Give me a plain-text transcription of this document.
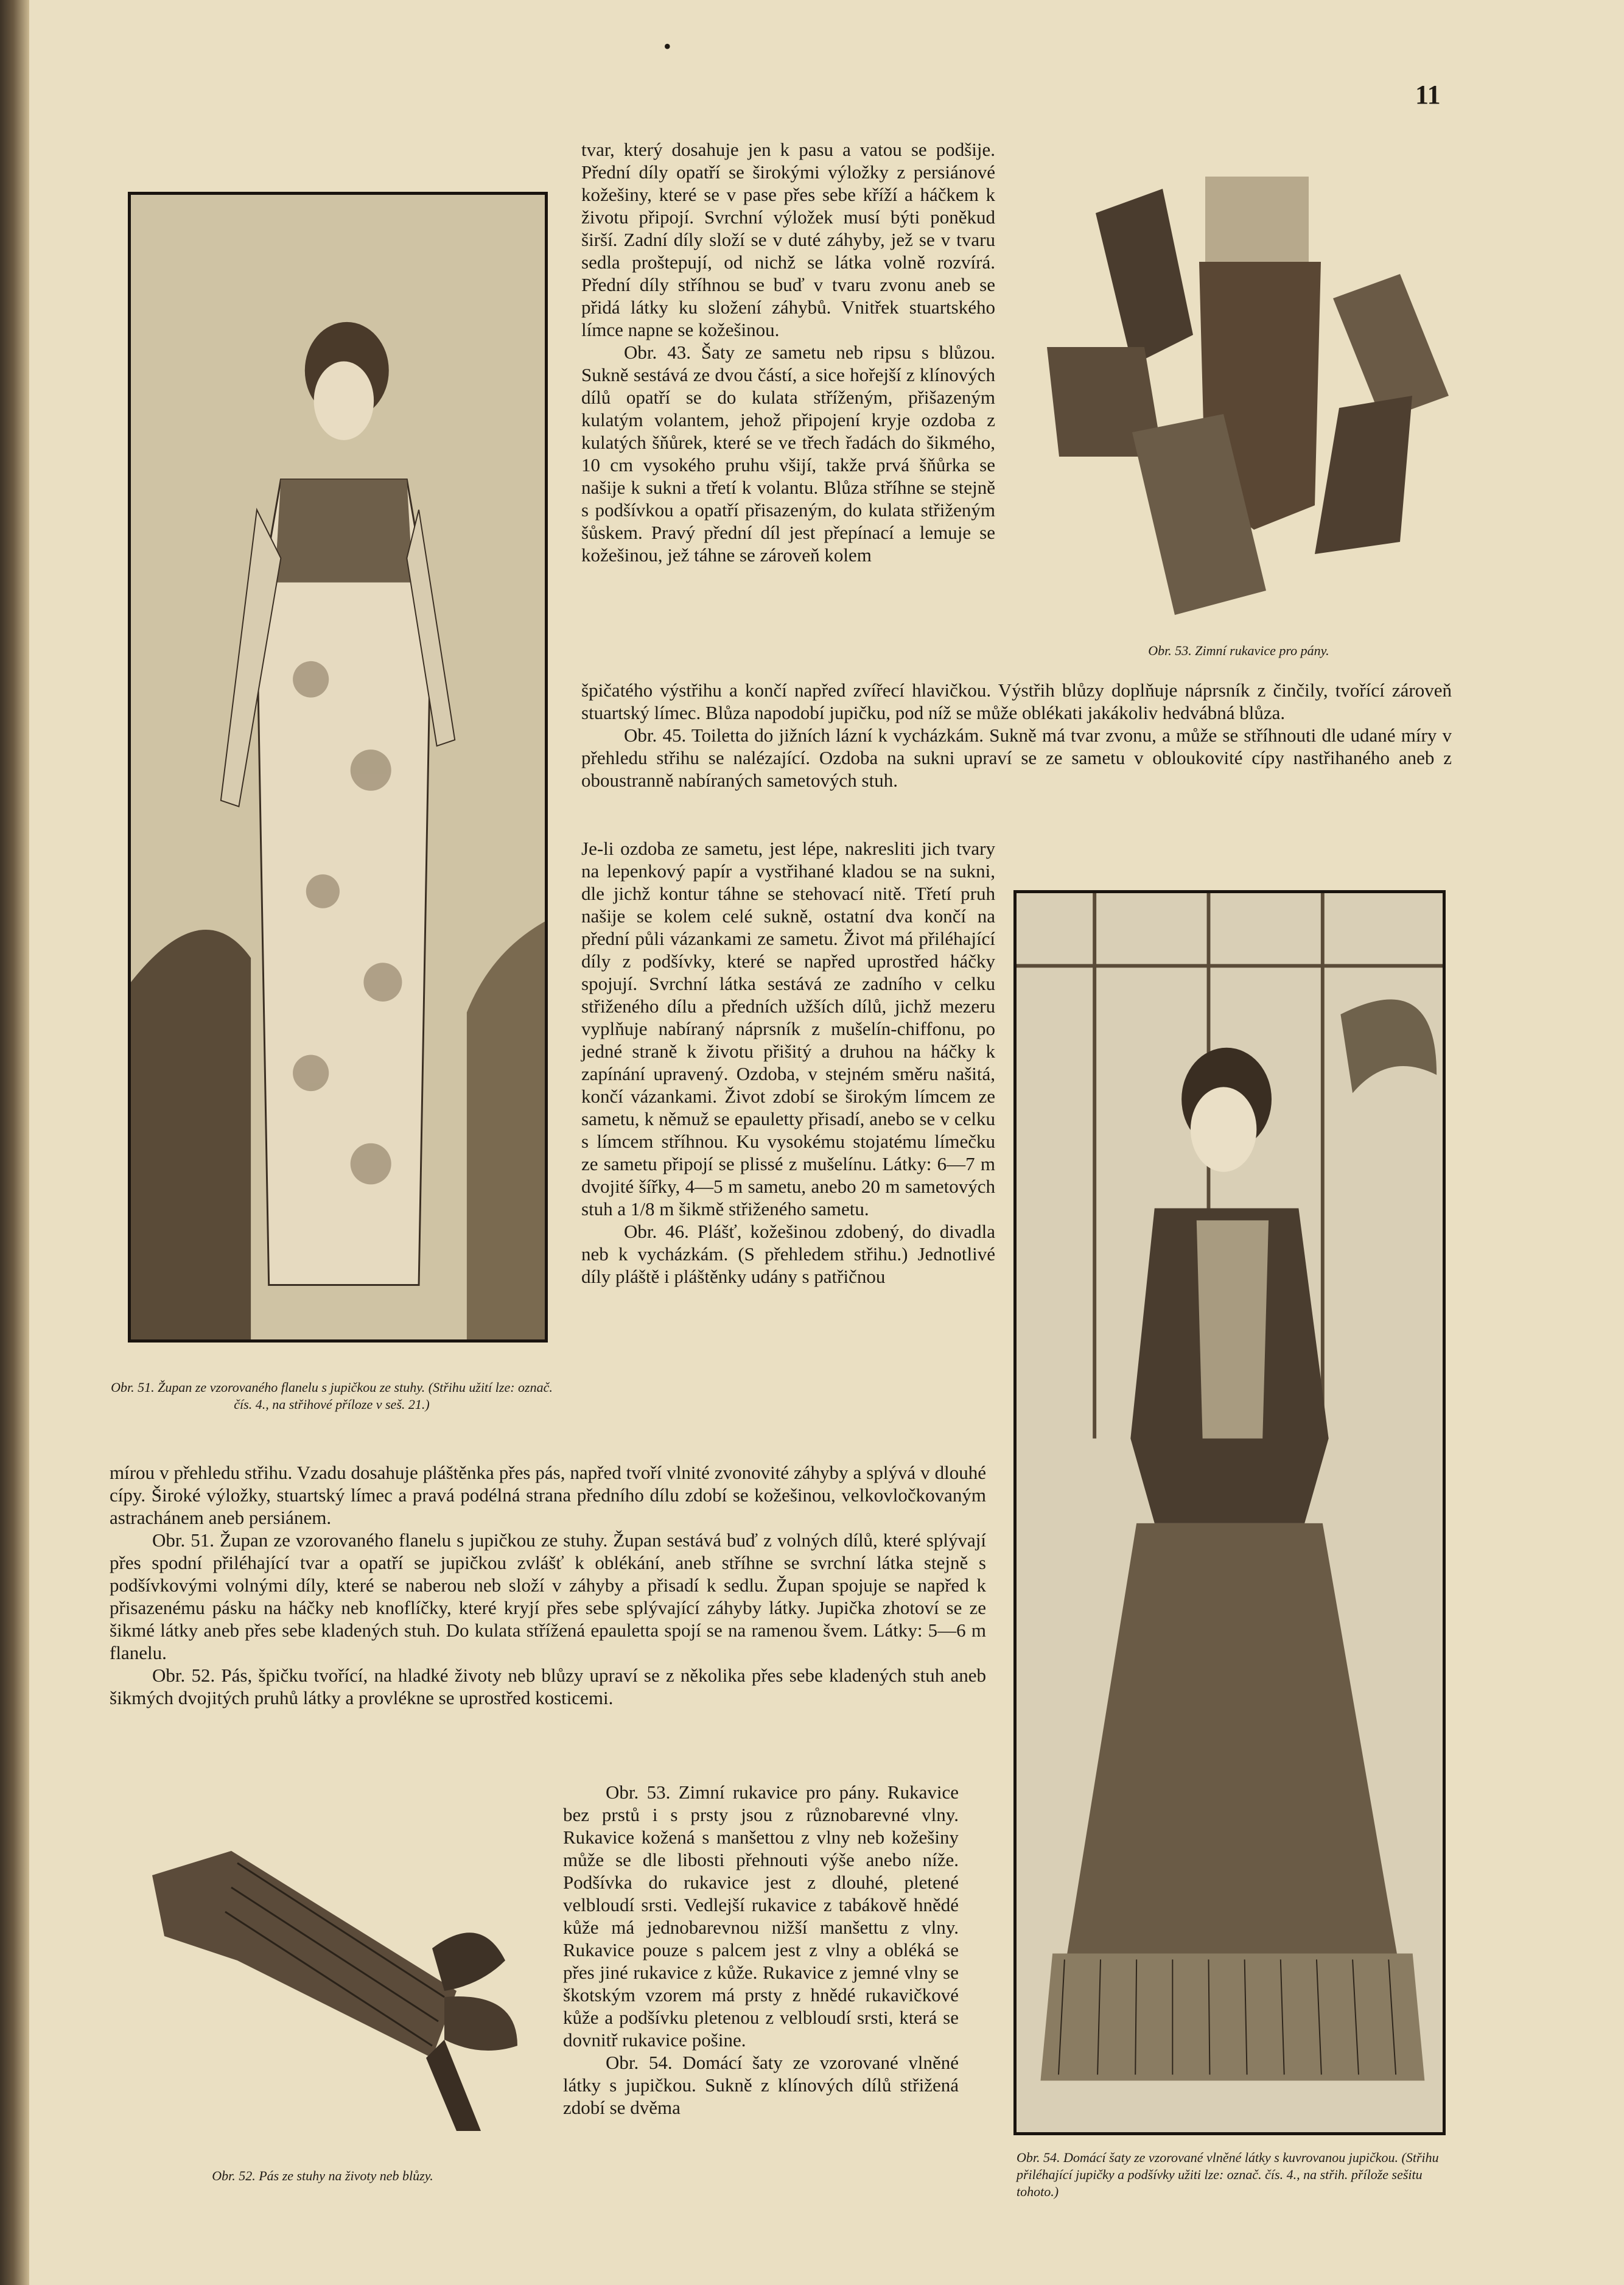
•
11
Obr. 51. Župan ze vzorovaného flanelu s jupičkou ze stuhy. (Střihu užití lze: označ. čís. 4., na střihové příloze v seš. 21.)
Obr. 53. Zimní rukavice pro pány.
Obr. 54. Domácí šaty ze vzorované vlněné látky s kuvrovanou jupičkou. (Střihu přiléhající jupičky a podšívky užiti lze: označ. čís. 4., na střih. přílože sešitu tohoto.)
Obr. 52. Pás ze stuhy na životy neb blůzy.

tvar, který dosahuje jen k pasu a vatou se podšije. Přední díly opatří se širokými výložky z persiánové kožešiny, které se v pase přes sebe kříží a háčkem k životu připojí. Svrchní výložek musí býti poněkud širší. Zadní díly složí se v duté záhyby, jež se v tvaru sedla proštepují, od nichž se látka volně rozvírá. Přední díly stříhnou se buď v tvaru zvonu aneb se přidá látky ku složení záhybů. Vnitřek stuartského límce napne se kožešinou.

Obr. 43. Šaty ze sametu neb ripsu s blůzou. Sukně sestává ze dvou částí, a sice hořejší z klínových dílů opatří se do kulata stříženým, přišazeným kulatým volantem, jehož připojení kryje ozdoba z kulatých šňůrek, které se ve třech řadách do šikmého, 10 cm vysokého pruhu všijí, takže prvá šňůrka se našije k sukni a třetí k volantu. Blůza stříhne se stejně s podšívkou a opatří přisazeným, do kulata střiženým šůskem. Pravý přední díl jest přepínací a lemuje se kožešinou, jež táhne se zároveň kolem

špičatého výstřihu a končí napřed zvířecí hlavičkou. Výstřih blůzy doplňuje náprsník z činčily, tvořící zároveň stuartský límec. Blůza napodobí jupičku, pod níž se může oblékati jakákoliv hedvábná blůza.

Obr. 45. Toiletta do jižních lázní k vycházkám. Sukně má tvar zvonu, a může se stříhnouti dle udané míry v přehledu střihu se nalézající. Ozdoba na sukni upraví se ze sametu v obloukovité cípy nastřihaného aneb z oboustranně nabíraných sametových stuh.

Je-li ozdoba ze sametu, jest lépe, nakresliti jich tvary na lepenkový papír a vystřihané kladou se na sukni, dle jichž kontur táhne se stehovací nitě. Třetí pruh našije se kolem celé sukně, ostatní dva končí na přední půli vázankami ze sametu. Život má přiléhající díly z podšívky, které se napřed uprostřed háčky spojují. Svrchní látka sestává ze zadního v celku střiženého dílu a předních užších dílů, jichž mezeru vyplňuje nabíraný náprsník z mušelín-chiffonu, po jedné straně k životu přišitý a druhou na háčky k zapínání upravený. Ozdoba, v stejném směru našitá, končí vázankami. Život zdobí se širokým límcem ze sametu, k němuž se epauletty přisadí, anebo se v celku s límcem stříhnou. Ku vysokému stojatému límečku ze sametu připojí se plissé z mušelínu. Látky: 6—7 m dvojité šířky, 4—5 m sametu, anebo 20 m sametových stuh a 1/8 m šikmě střiženého sametu.

Obr. 46. Plášť, kožešinou zdobený, do divadla neb k vycházkám. (S přehledem střihu.) Jednotlivé díly pláště i pláštěnky udány s patřičnou

mírou v přehledu střihu. Vzadu dosahuje pláštěnka přes pás, napřed tvoří vlnité zvonovité záhyby a splývá v dlouhé cípy. Široké výložky, stuartský límec a pravá podélná strana předního dílu zdobí se kožešinou, velkovločkovaným astrachánem aneb persiánem.

Obr. 51. Župan ze vzorovaného flanelu s jupičkou ze stuhy. Župan sestává buď z volných dílů, které splývají přes spodní přiléhající tvar a opatří se jupičkou zvlášť k oblékání, aneb stříhne se svrchní látka stejně s podšívkovými volnými díly, které se naberou neb složí v záhyby a přisadí k sedlu. Župan spojuje se napřed k přisazenému pásku na háčky neb knoflíčky, které kryjí přes sebe splývající záhyby látky. Jupička zhotoví se ze šikmé látky aneb přes sebe kladených stuh. Do kulata střížená epauletta spojí se na ramenou švem. Látky: 5—6 m flanelu.

Obr. 52. Pás, špičku tvořící, na hladké životy neb blůzy upraví se z několika přes sebe kladených stuh aneb šikmých dvojitých pruhů látky a provlékne se uprostřed kosticemi.

Obr. 53. Zimní rukavice pro pány. Rukavice bez prstů i s prsty jsou z různobarevné vlny. Rukavice kožená s manšettou z vlny neb kožešiny může se dle libosti přehnouti výše anebo níže. Podšívka do rukavice jest z dlouhé, pletené velbloudí srsti. Vedlejší rukavice z tabákově hnědé kůže má jednobarevnou nižší manšettu z vlny. Rukavice pouze s palcem jest z vlny a obléká se přes jiné rukavice z kůže. Rukavice z jemné vlny se škotským vzorem má prsty z hnědé rukavičkové kůže a podšívku pletenou z velbloudí srsti, která se dovnitř rukavice pošine.

Obr. 54. Domácí šaty ze vzorované vlněné látky s jupičkou. Sukně z klínových dílů střižená zdobí se dvěma
